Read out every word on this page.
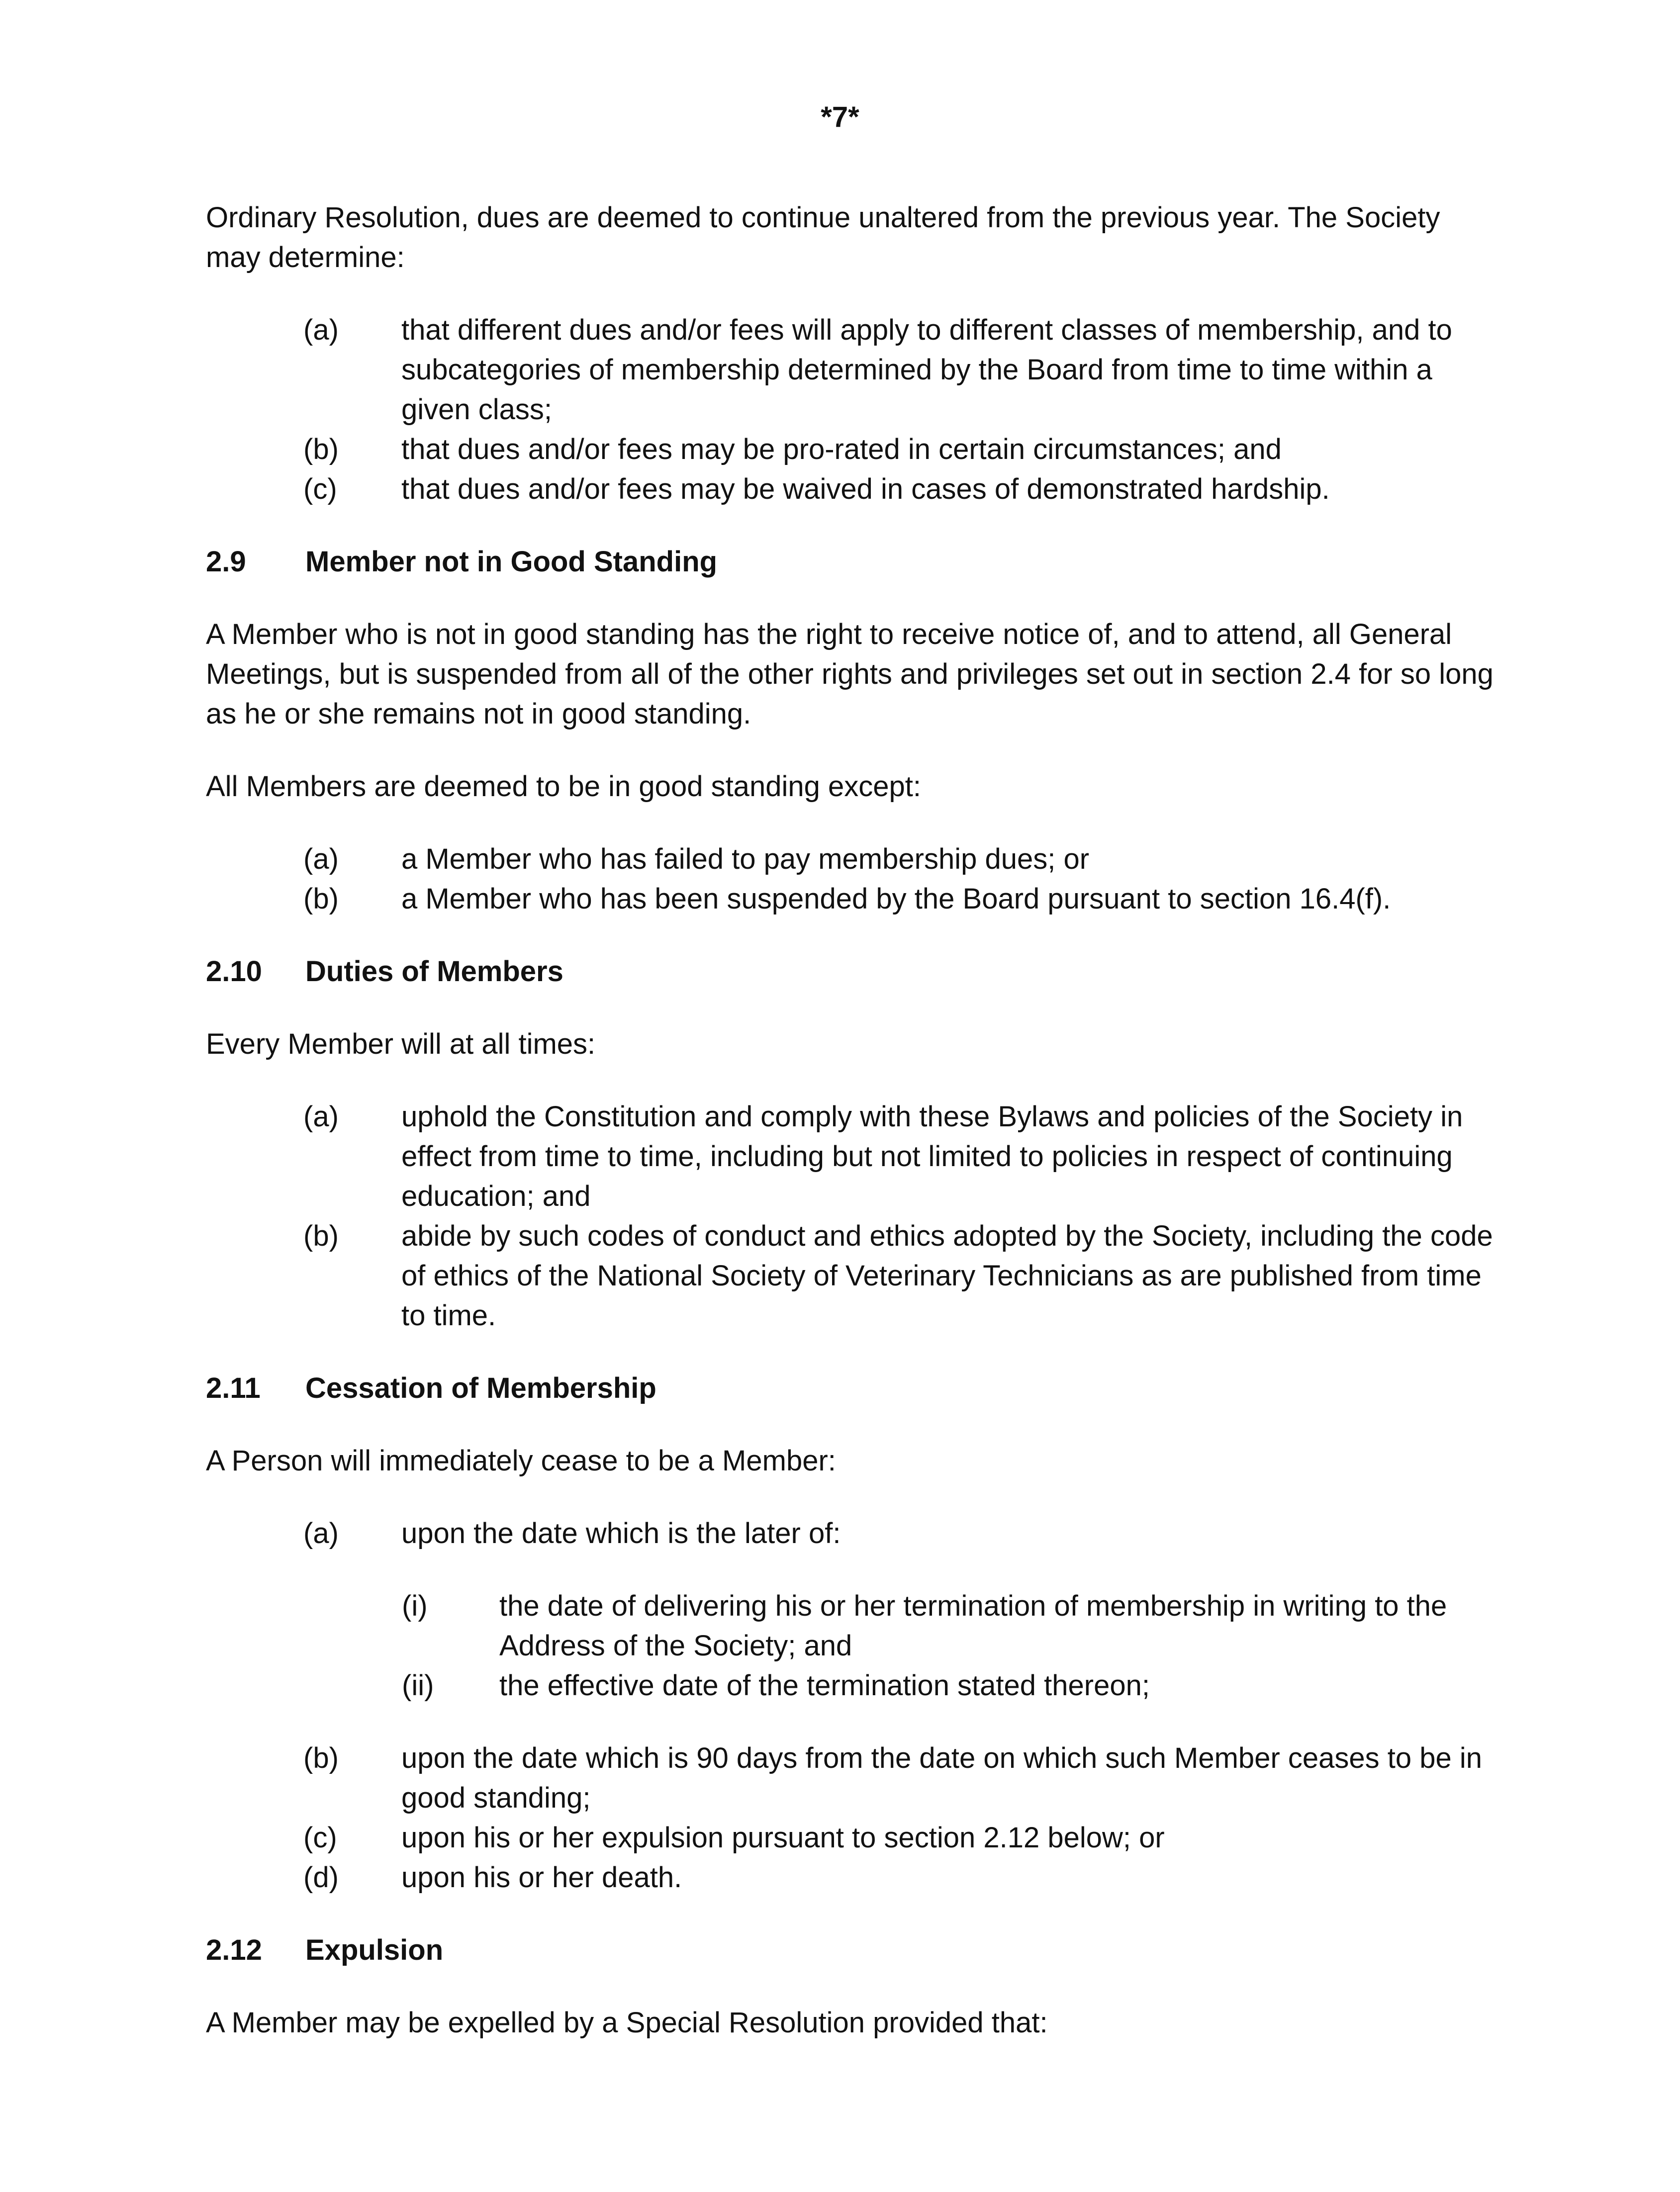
*7*

Ordinary Resolution, dues are deemed to continue unaltered from the previous year. The Society may determine:

(a)	that different dues and/or fees will apply to different classes of membership, and to subcategories of membership determined by the Board from time to time within a given class;
(b)	that dues and/or fees may be pro-rated in certain circumstances; and
(c)	that dues and/or fees may be waived in cases of demonstrated hardship.
2.9	Member not in Good Standing

A Member who is not in good standing has the right to receive notice of, and to attend, all General Meetings, but is suspended from all of the other rights and privileges set out in section 2.4 for so long as he or she remains not in good standing.

All Members are deemed to be in good standing except:

(a)	a Member who has failed to pay membership dues; or
(b)	a Member who has been suspended by the Board pursuant to section 16.4(f).
2.10	Duties of Members

Every Member will at all times:

(a)	uphold the Constitution and comply with these Bylaws and policies of the Society in effect from time to time, including but not limited to policies in respect of continuing education; and
(b)	abide by such codes of conduct and ethics adopted by the Society, including the code of ethics of the National Society of Veterinary Technicians as are published from time to time.
2.11	Cessation of Membership

A Person will immediately cease to be a Member:

(a)	upon the date which is the later of:
(i)	the date of delivering his or her termination of membership in writing to the Address of the Society; and
(ii)	the effective date of the termination stated thereon;
(b)	upon the date which is 90 days from the date on which such Member ceases to be in good standing;
(c)	upon his or her expulsion pursuant to section 2.12 below; or
(d)	upon his or her death.
2.12	Expulsion

A Member may be expelled by a Special Resolution provided that:
